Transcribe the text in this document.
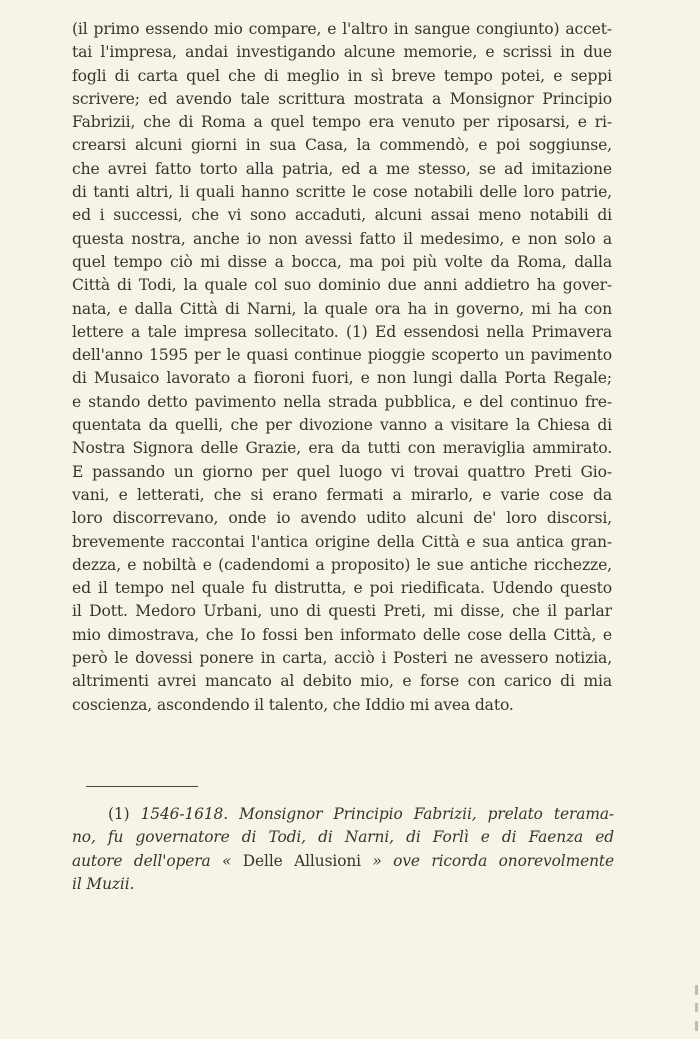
(il primo essendo mio compare, e l'altro in sangue congiunto) accet-
tai l'impresa, andai investigando alcune memorie, e scrissi in due
fogli di carta quel che di meglio in sì breve tempo potei, e seppi
scrivere; ed avendo tale scrittura mostrata a Monsignor Principio
Fabrizii, che di Roma a quel tempo era venuto per riposarsi, e ri-
crearsi alcuni giorni in sua Casa, la commendò, e poi soggiunse,
che avrei fatto torto alla patria, ed a me stesso, se ad imitazione
di tanti altri, li quali hanno scritte le cose notabili delle loro patrie,
ed i successi, che vi sono accaduti, alcuni assai meno notabili di
questa nostra, anche io non avessi fatto il medesimo, e non solo a
quel tempo ciò mi disse a bocca, ma poi più volte da Roma, dalla
Città di Todi, la quale col suo dominio due anni addietro ha gover-
nata, e dalla Città di Narni, la quale ora ha in governo, mi ha con
lettere a tale impresa sollecitato. (1) Ed essendosi nella Primavera
dell'anno 1595 per le quasi continue pioggie scoperto un pavimento
di Musaico lavorato a fioroni fuori, e non lungi dalla Porta Regale;
e stando detto pavimento nella strada pubblica, e del continuo fre-
quentata da quelli, che per divozione vanno a visitare la Chiesa di
Nostra Signora delle Grazie, era da tutti con meraviglia ammirato.
E passando un giorno per quel luogo vi trovai quattro Preti Gio-
vani, e letterati, che si erano fermati a mirarlo, e varie cose da
loro discorrevano, onde io avendo udito alcuni de' loro discorsi,
brevemente raccontai l'antica origine della Città e sua antica gran-
dezza, e nobiltà e (cadendomi a proposito) le sue antiche ricchezze,
ed il tempo nel quale fu distrutta, e poi riedificata. Udendo questo
il Dott. Medoro Urbani, uno di questi Preti, mi disse, che il parlar
mio dimostrava, che Io fossi ben informato delle cose della Città, e
però le dovessi ponere in carta, acciò i Posteri ne avessero notizia,
altrimenti avrei mancato al debito mio, e forse con carico di mia
coscienza, ascondendo il talento, che Iddio mi avea dato.
(1) 1546-1618. Monsignor Principio Fabrizii, prelato terama-
no, fu governatore di Todi, di Narni, di Forlì e di Faenza ed
autore dell'opera « Delle Allusioni » ove ricorda onorevolmente
il Muzii.
